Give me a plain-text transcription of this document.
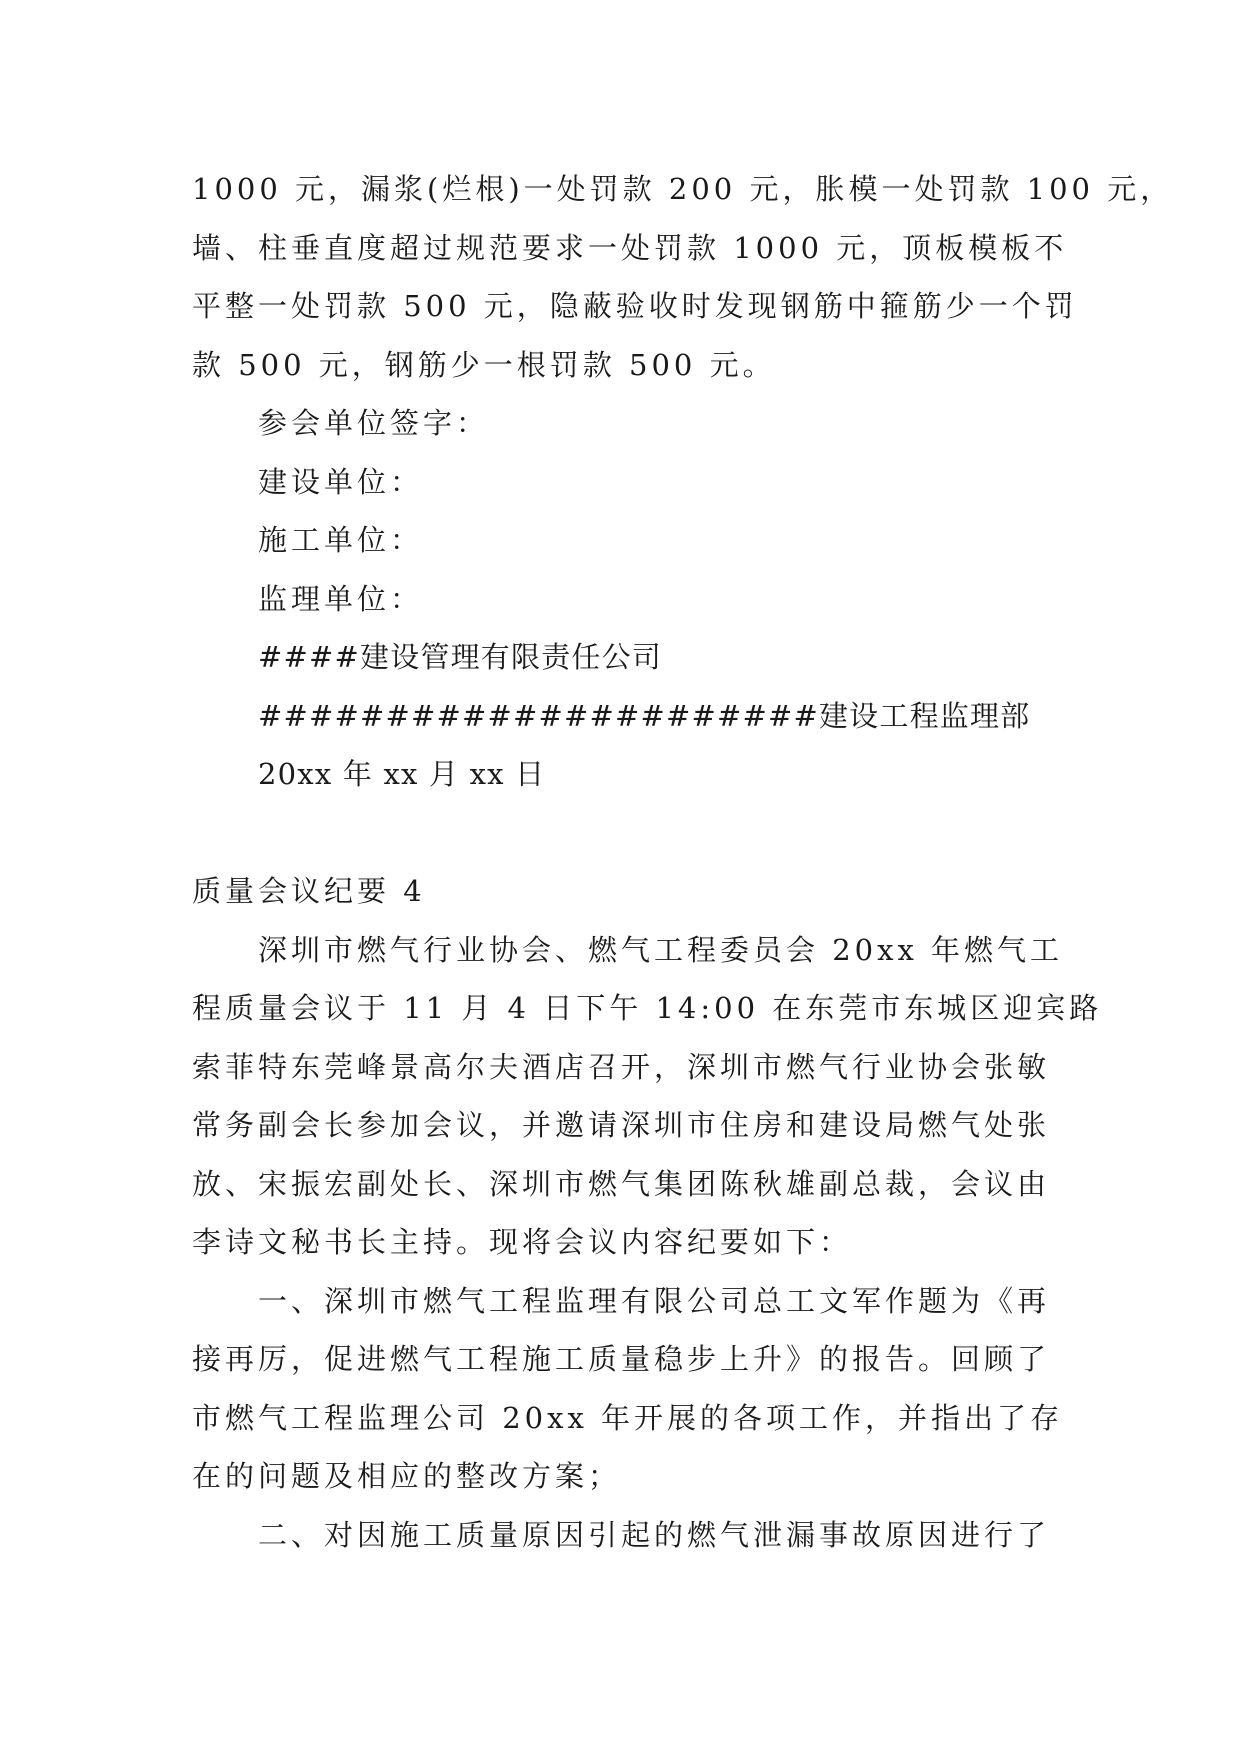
1000 元，漏浆(烂根)一处罚款 200 元，胀模一处罚款 100 元，
墙、柱垂直度超过规范要求一处罚款 1000 元，顶板模板不
平整一处罚款 500 元，隐蔽验收时发现钢筋中箍筋少一个罚
款 500 元，钢筋少一根罚款 500 元。
参会单位签字：
建设单位：
施工单位：
监理单位：
####建设管理有限责任公司
######################建设工程监理部
20xx 年 xx 月 xx 日
质量会议纪要 4
深圳市燃气行业协会、燃气工程委员会 20xx 年燃气工
程质量会议于 11 月 4 日下午 14:00 在东莞市东城区迎宾路
索菲特东莞峰景高尔夫酒店召开，深圳市燃气行业协会张敏
常务副会长参加会议，并邀请深圳市住房和建设局燃气处张
放、宋振宏副处长、深圳市燃气集团陈秋雄副总裁，会议由
李诗文秘书长主持。现将会议内容纪要如下：
一、深圳市燃气工程监理有限公司总工文军作题为《再
接再厉，促进燃气工程施工质量稳步上升》的报告。回顾了
市燃气工程监理公司 20xx 年开展的各项工作，并指出了存
在的问题及相应的整改方案；
二、对因施工质量原因引起的燃气泄漏事故原因进行了
